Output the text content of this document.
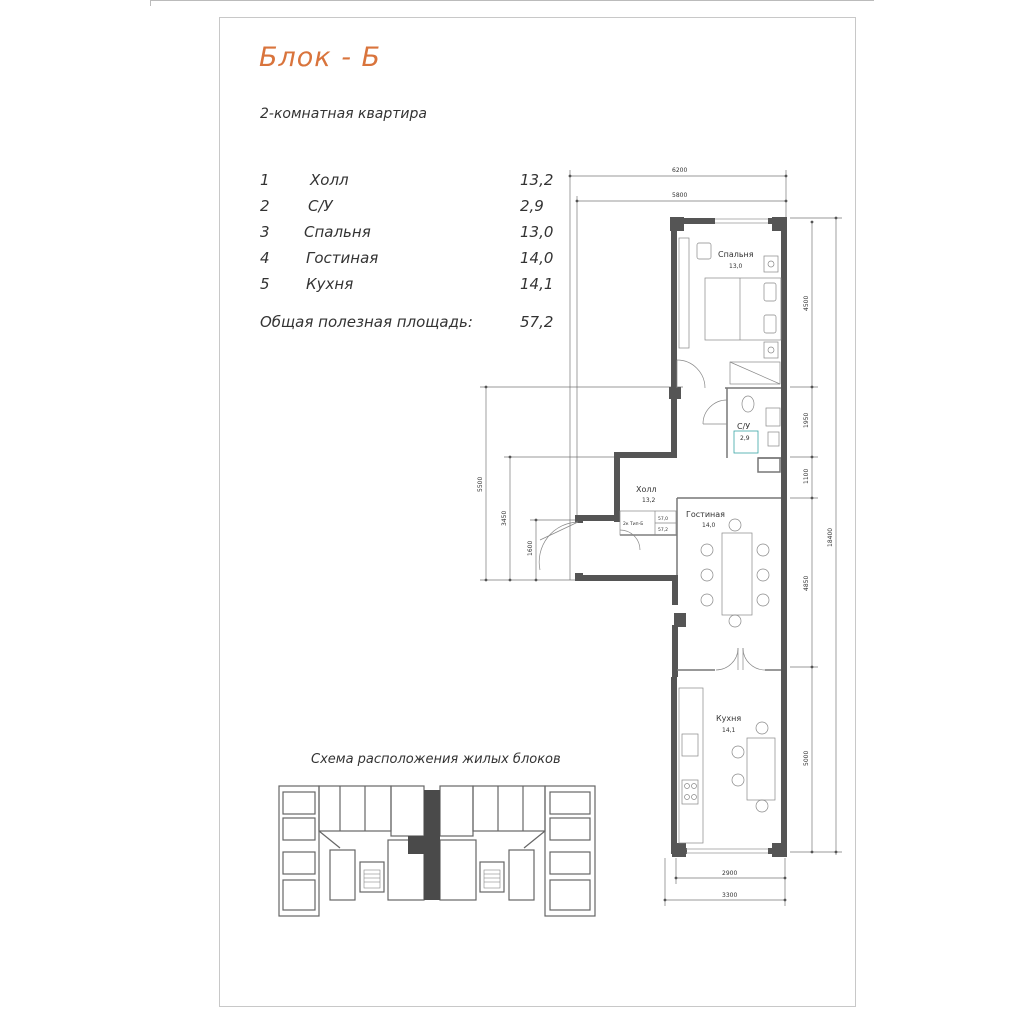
Блок - Б
2-комнатная квартира
1	Холл	13,2
2	С/У	2,9
3 Спальня	13,0
4 Гостиная	14,0
5 Кухня	14,1
Общая полезная площадь:	57,2
Схема расположения жилых блоков
6200
5800
2900
3300
18400
4500
1950
1100
4850
5000
5500
3450
1600
Спальня
13,0
С/У
2,9
Холл
13,2
Гостиная
14,0
Кухня
14,1
2к Тип-Б
57,0
57,2
